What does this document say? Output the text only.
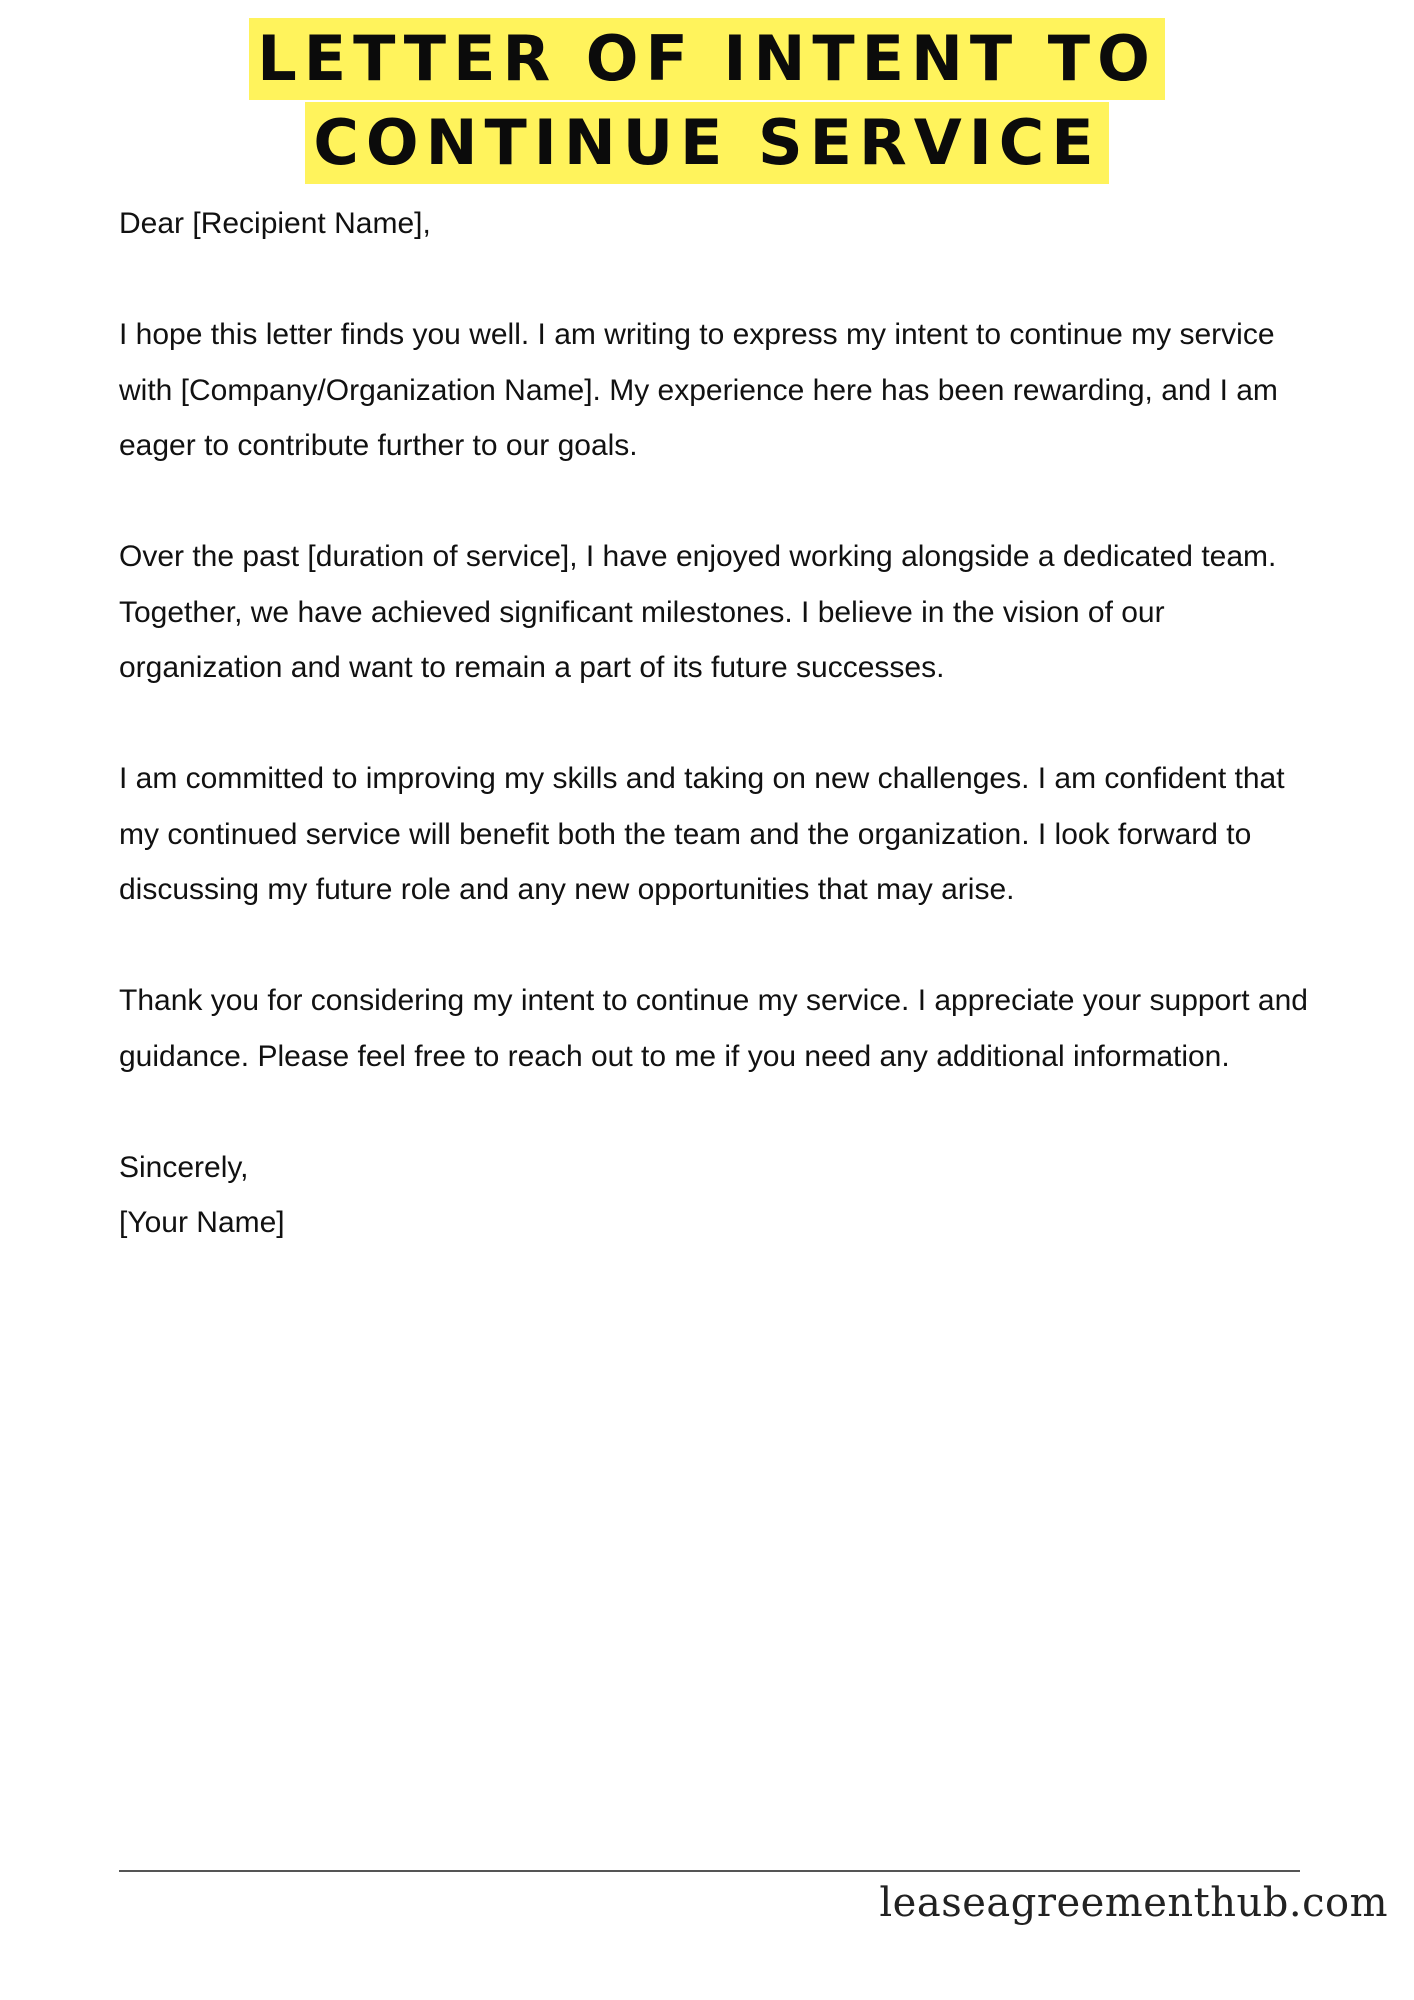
LETTER OF INTENT TO
CONTINUE SERVICE

Dear [Recipient Name],

I hope this letter finds you well. I am writing to express my intent to continue my service with [Company/Organization Name]. My experience here has been rewarding, and I am eager to contribute further to our goals.

Over the past [duration of service], I have enjoyed working alongside a dedicated team. Together, we have achieved significant milestones. I believe in the vision of our organization and want to remain a part of its future successes.

I am committed to improving my skills and taking on new challenges. I am confident that my continued service will benefit both the team and the organization. I look forward to discussing my future role and any new opportunities that may arise.

Thank you for considering my intent to continue my service. I appreciate your support and guidance. Please feel free to reach out to me if you need any additional information.

Sincerely,

[Your Name]

leaseagreementhub.com
